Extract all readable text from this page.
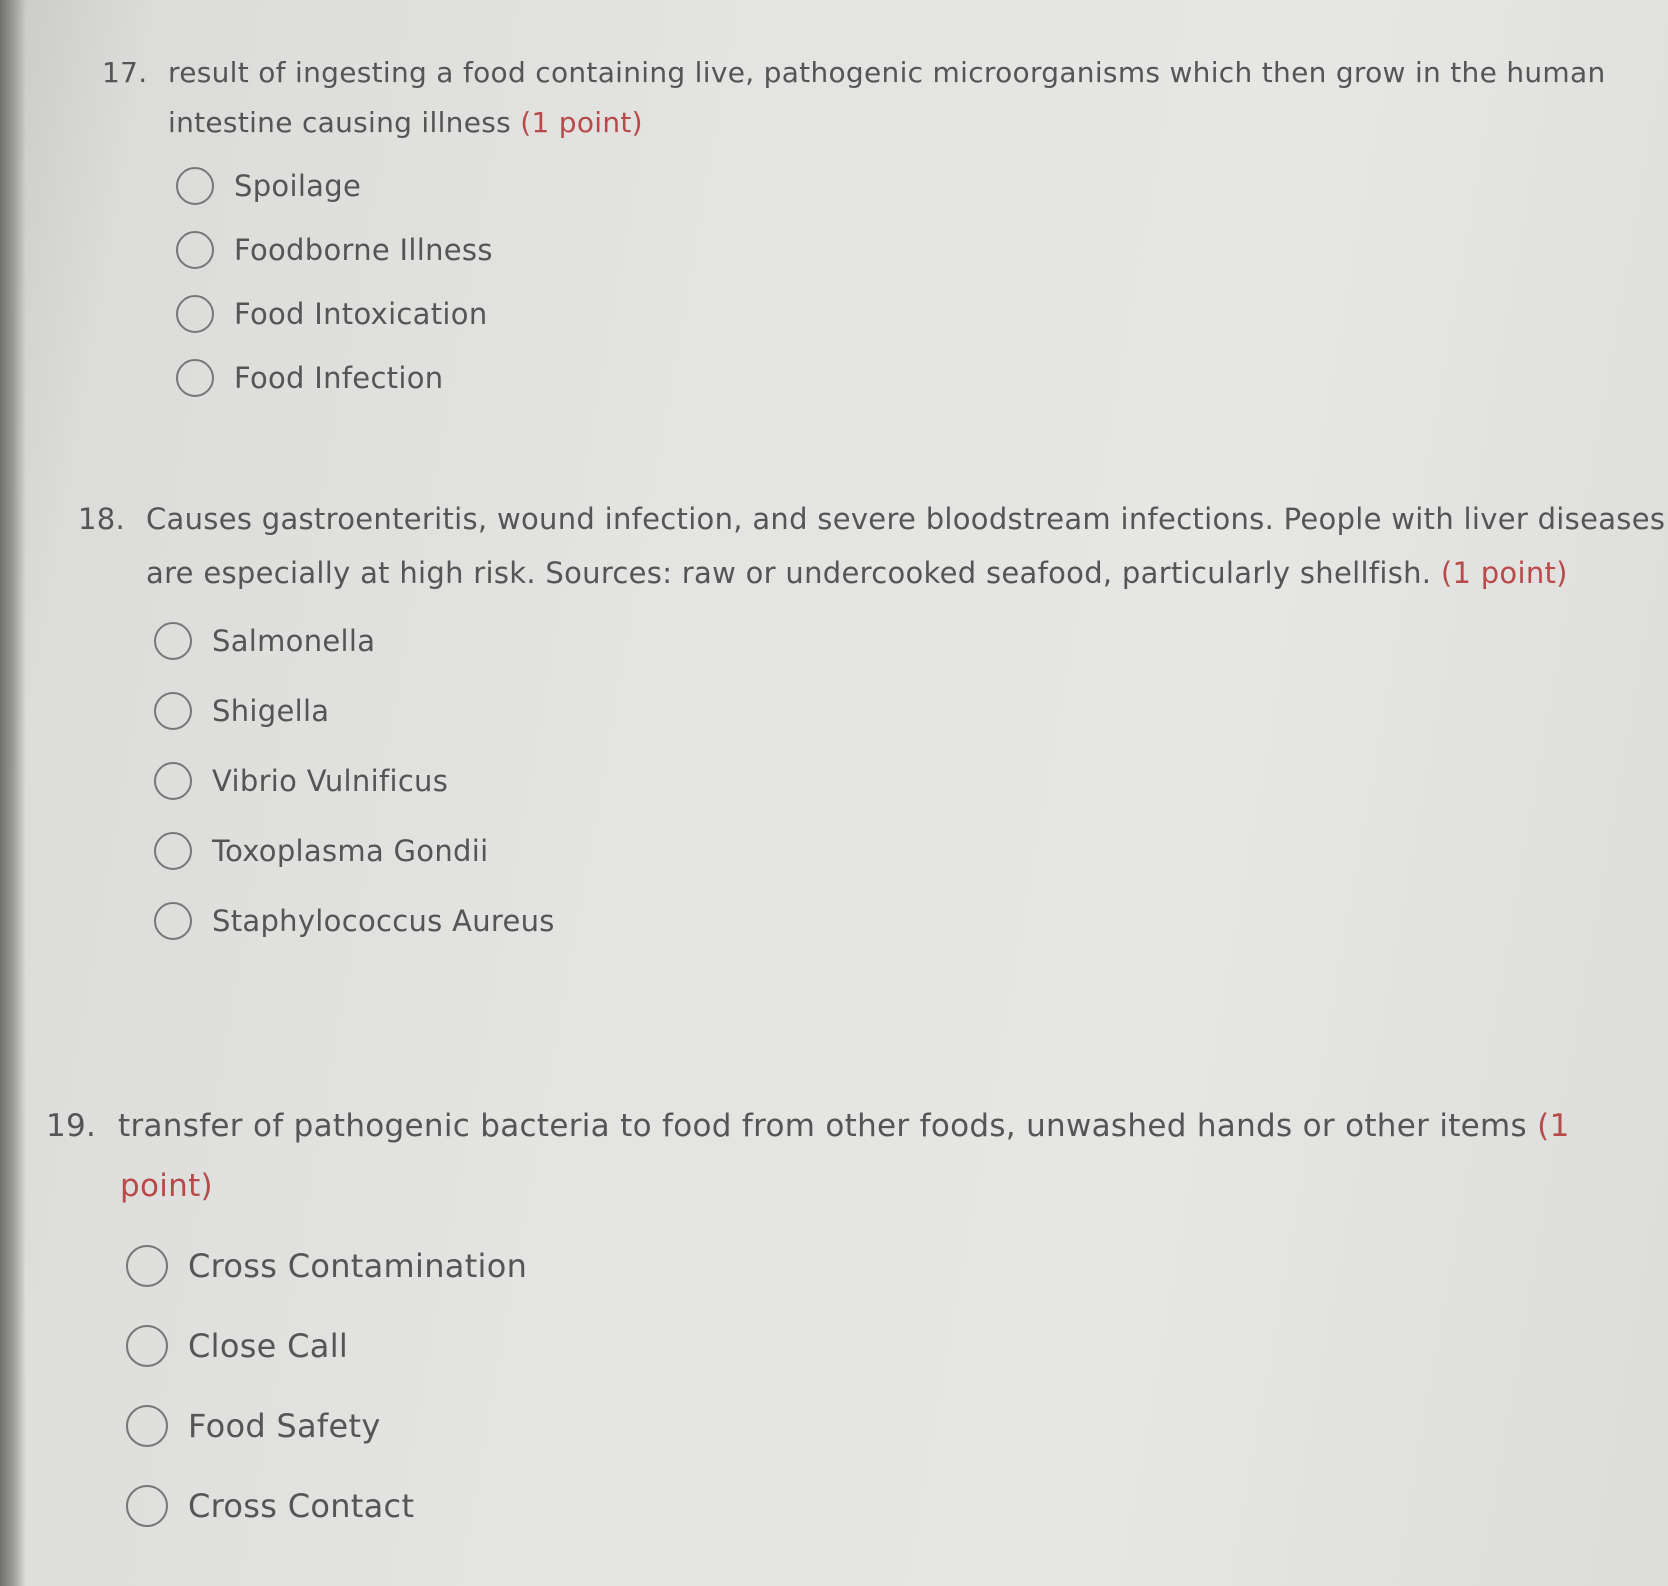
17. result of ingesting a food containing live, pathogenic microorganisms which then grow in the human intestine causing illness (1 point)
Spoilage
Foodborne Illness
Food Intoxication
Food Infection
18. Causes gastroenteritis, wound infection, and severe bloodstream infections. People with liver diseases are especially at high risk. Sources: raw or undercooked seafood, particularly shellfish. (1 point)
Salmonella
Shigella
Vibrio Vulnificus
Toxoplasma Gondii
Staphylococcus Aureus
19. transfer of pathogenic bacteria to food from other foods, unwashed hands or other items (1 point)
Cross Contamination
Close Call
Food Safety
Cross Contact
